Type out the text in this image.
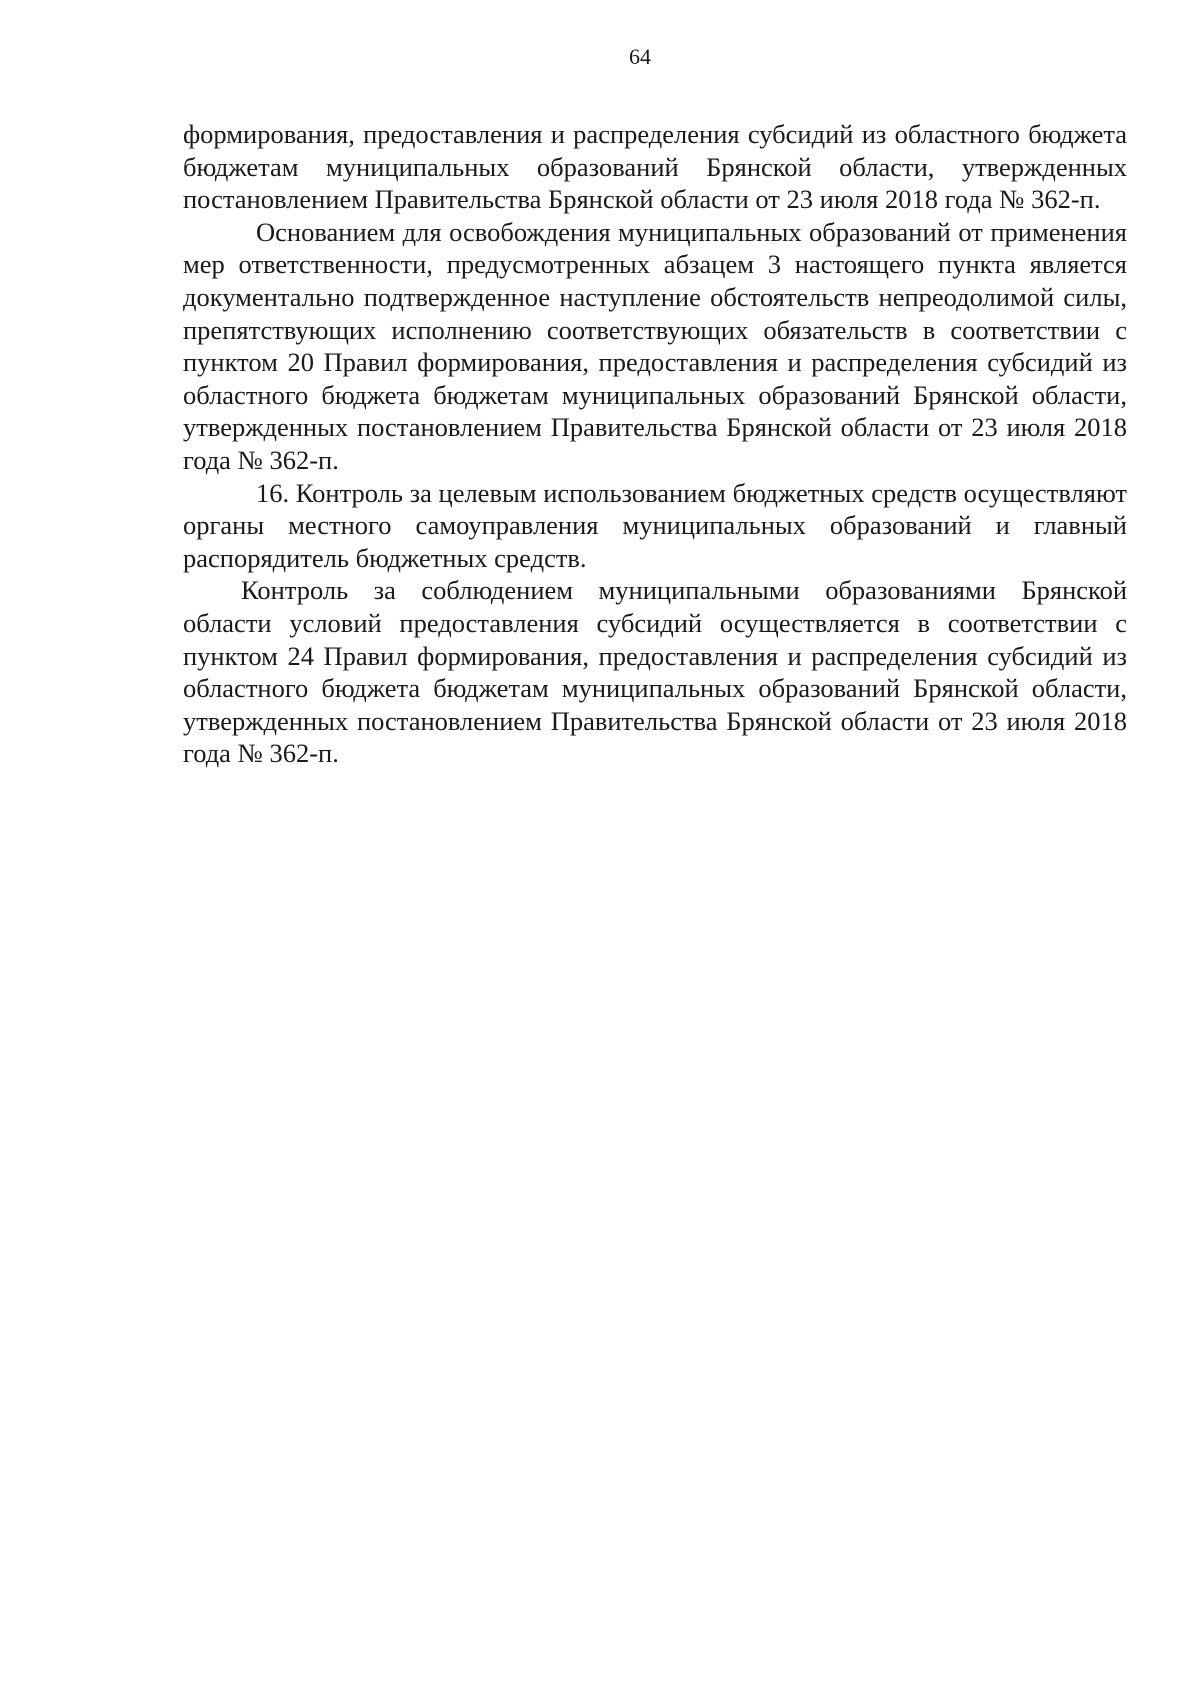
64

формирования, предоставления и распределения субсидий из областного бюджета бюджетам муниципальных образований Брянской области, утвержденных постановлением Правительства Брянской области от 23 июля 2018 года № 362-п.

Основанием для освобождения муниципальных образований от применения мер ответственности, предусмотренных абзацем 3 настоящего пункта является документально подтвержденное наступление обстоятельств непреодолимой силы, препятствующих исполнению соответствующих обязательств в соответствии с пунктом 20 Правил формирования, предоставления и распределения субсидий из областного бюджета бюджетам муниципальных образований Брянской области, утвержденных постановлением Правительства Брянской области от 23 июля 2018 года № 362-п.

16. Контроль за целевым использованием бюджетных средств осуществляют органы местного самоуправления муниципальных образований и главный распорядитель бюджетных средств.

Контроль за соблюдением муниципальными образованиями Брянской области условий предоставления субсидий осуществляется в соответствии с пунктом 24 Правил формирования, предоставления и распределения субсидий из областного бюджета бюджетам муниципальных образований Брянской области, утвержденных постановлением Правительства Брянской области от 23 июля 2018 года № 362-п.
